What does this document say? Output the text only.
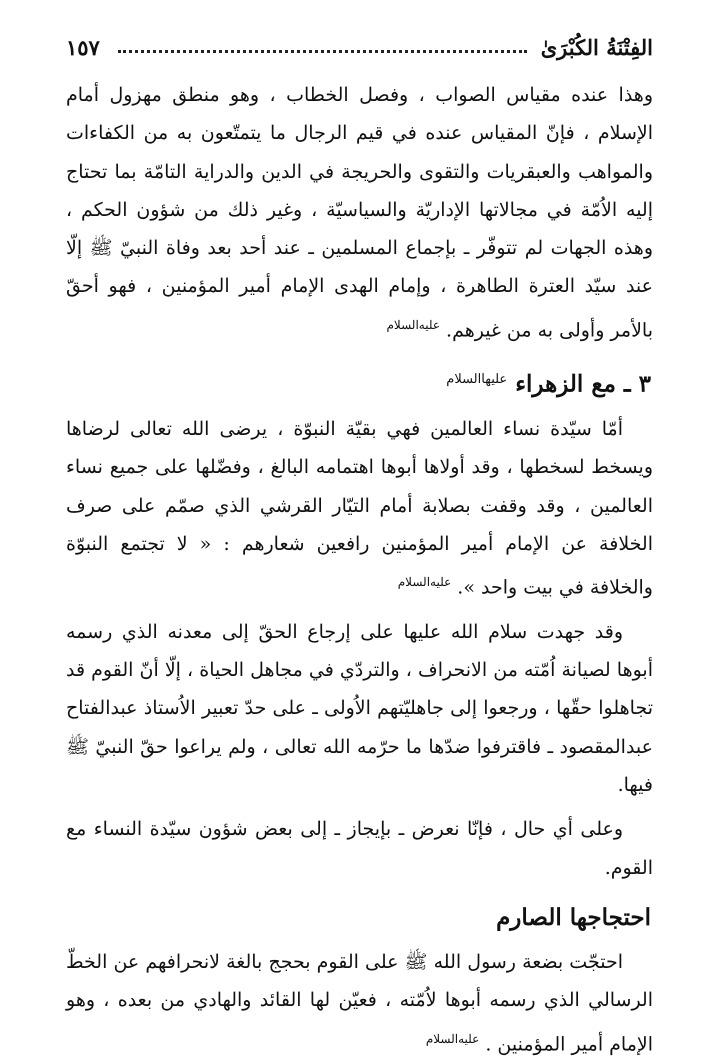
الفِتْنَةُ الكُبْرَىٰ
١٥٧

وهذا عنده مقياس الصواب ، وفصل الخطاب ، وهو منطق مهزول أمام الإسلام ، فإنّ المقياس عنده في قيم الرجال ما يتمتّعون به من الكفاءات والمواهب والعبقريات والتقوى والحريجة في الدين والدراية التامّة بما تحتاج إليه الاُمّة في مجالاتها الإداريّة والسياسيّة ، وغير ذلك من شؤون الحكم ، وهذه الجهات لم تتوفّر ـ بإجماع المسلمين ـ عند أحد بعد وفاة النبيّ ﷺ إلّا عند سيّد العترة الطاهرة ، وإمام الهدى الإمام أمير المؤمنين ، فهو أحقّ بالأمر وأولى به من غيرهم. $^{عليه‌السلام}$

٣ ـ مع الزهراء $^{عليهاالسلام}$

أمّا سيّدة نساء العالمين فهي بقيّة النبوّة ، يرضى الله تعالى لرضاها ويسخط لسخطها ، وقد أولاها أبوها اهتمامه البالغ ، وفضّلها على جميع نساء العالمين ، وقد وقفت بصلابة أمام التيّار القرشي الذي صمّم على صرف الخلافة عن الإمام أمير المؤمنين رافعين شعارهم : « لا تجتمع النبوّة والخلافة في بيت واحد ». $^{عليه‌السلام}$

وقد جهدت سلام الله عليها على إرجاع الحقّ إلى معدنه الذي رسمه أبوها لصيانة اُمّته من الانحراف ، والتردّي في مجاهل الحياة ، إلّا أنّ القوم قد تجاهلوا حقّها ، ورجعوا إلى جاهليّتهم الاُولى ـ على حدّ تعبير الاُستاذ عبدالفتاح عبدالمقصود ـ فاقترفوا ضدّها ما حرّمه الله تعالى ، ولم يراعوا حقّ النبيّ ﷺ فيها.

وعلى أي حال ، فإنّا نعرض ـ بإيجاز ـ إلى بعض شؤون سيّدة النساء مع القوم.

احتجاجها الصارم

احتجّت بضعة رسول الله ﷺ على القوم بحجج بالغة لانحرافهم عن الخطّ الرسالي الذي رسمه أبوها لاُمّته ، فعيّن لها القائد والهادي من بعده ، وهو الإمام أمير المؤمنين . $^{عليه‌السلام}$
